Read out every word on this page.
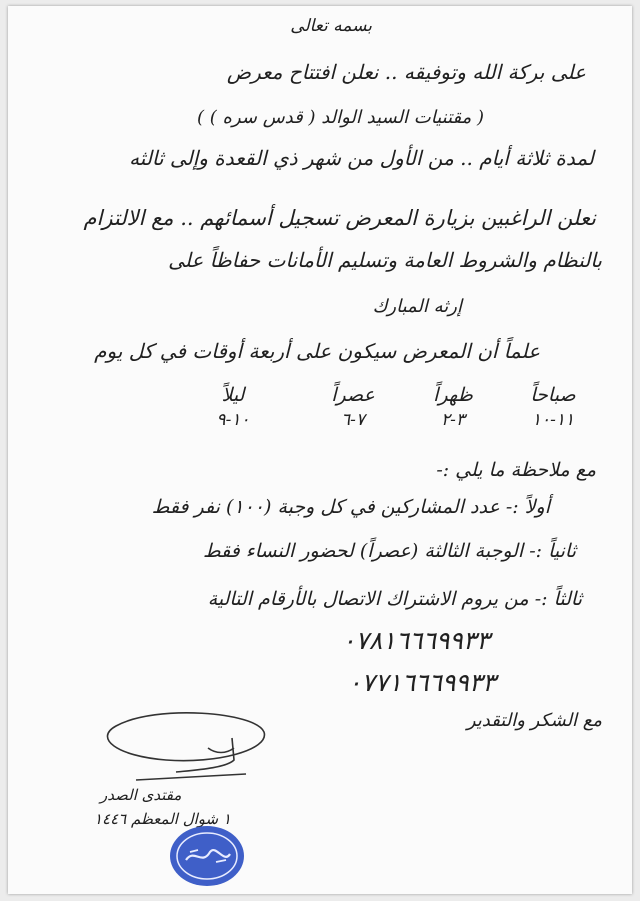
بسمه تعالى
على بركة الله وتوفيقه .. نعلن افتتاح معرض
( مقتنيات السيد الوالد ( قدس سره ) )
لمدة ثلاثة أيام .. من الأول من شهر ذي القعدة وإلى ثالثه
نعلن الراغبين بزيارة المعرض تسجيل أسمائهم .. مع الالتزام
بالنظام والشروط العامة وتسليم الأمانات حفاظاً على
إرثه المبارك
علماً أن المعرض سيكون على أربعة أوقات في كل يوم
صباحاً
١١-١٠
ظهراً
٣-٢
عصراً
٧-٦
ليلاً
١٠-٩
مع ملاحظة ما يلي :-
أولاً :- عدد المشاركين في كل وجبة (١٠٠) نفر فقط
ثانياً :- الوجبة الثالثة (عصراً) لحضور النساء فقط
ثالثاً :- من يروم الاشتراك الاتصال بالأرقام التالية
٠٧٨١٦٦٦٩٩٣٣
٠٧٧١٦٦٦٩٩٣٣
مع الشكر والتقدير
مقتدى الصدر
١ شوال المعظم ١٤٤٦
